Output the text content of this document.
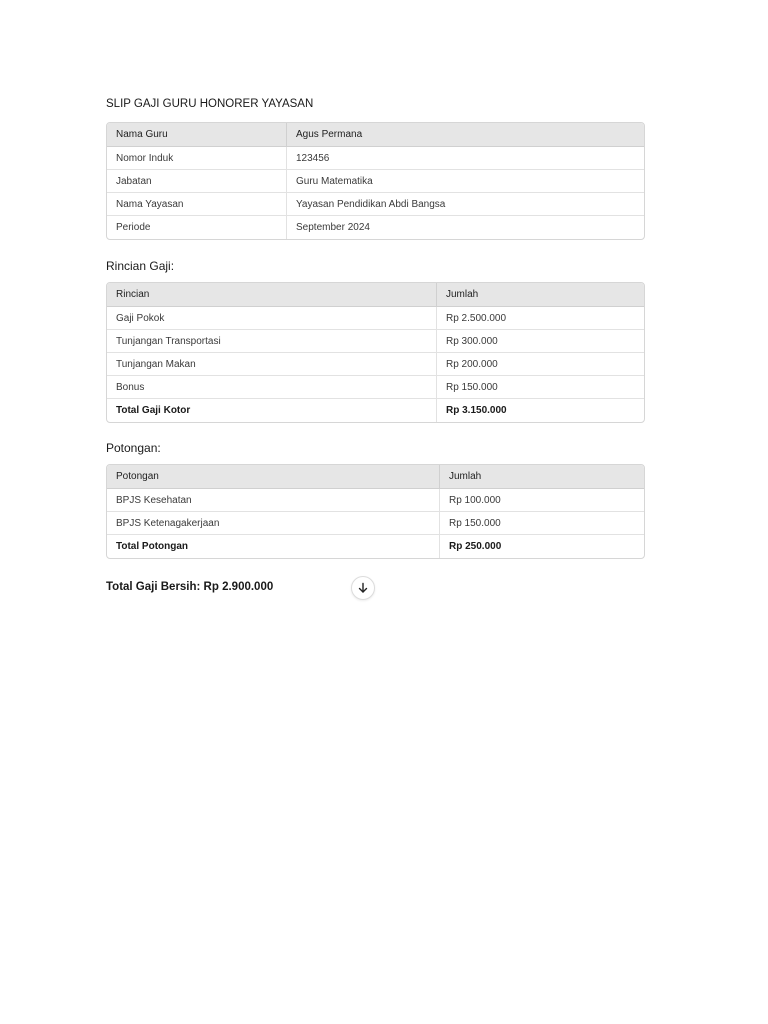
SLIP GAJI GURU HONORER YAYASAN
Nama Guru	Agus Permana
Nomor Induk	123456
Jabatan	Guru Matematika
Nama Yayasan	Yayasan Pendidikan Abdi Bangsa
Periode	September 2024
Rincian Gaji:
Rincian	Jumlah
Gaji Pokok	Rp 2.500.000
Tunjangan Transportasi	Rp 300.000
Tunjangan Makan	Rp 200.000
Bonus	Rp 150.000
Total Gaji Kotor	Rp 3.150.000
Potongan:
Potongan	Jumlah
BPJS Kesehatan	Rp 100.000
BPJS Ketenagakerjaan	Rp 150.000
Total Potongan	Rp 250.000
Total Gaji Bersih: Rp 2.900.000
